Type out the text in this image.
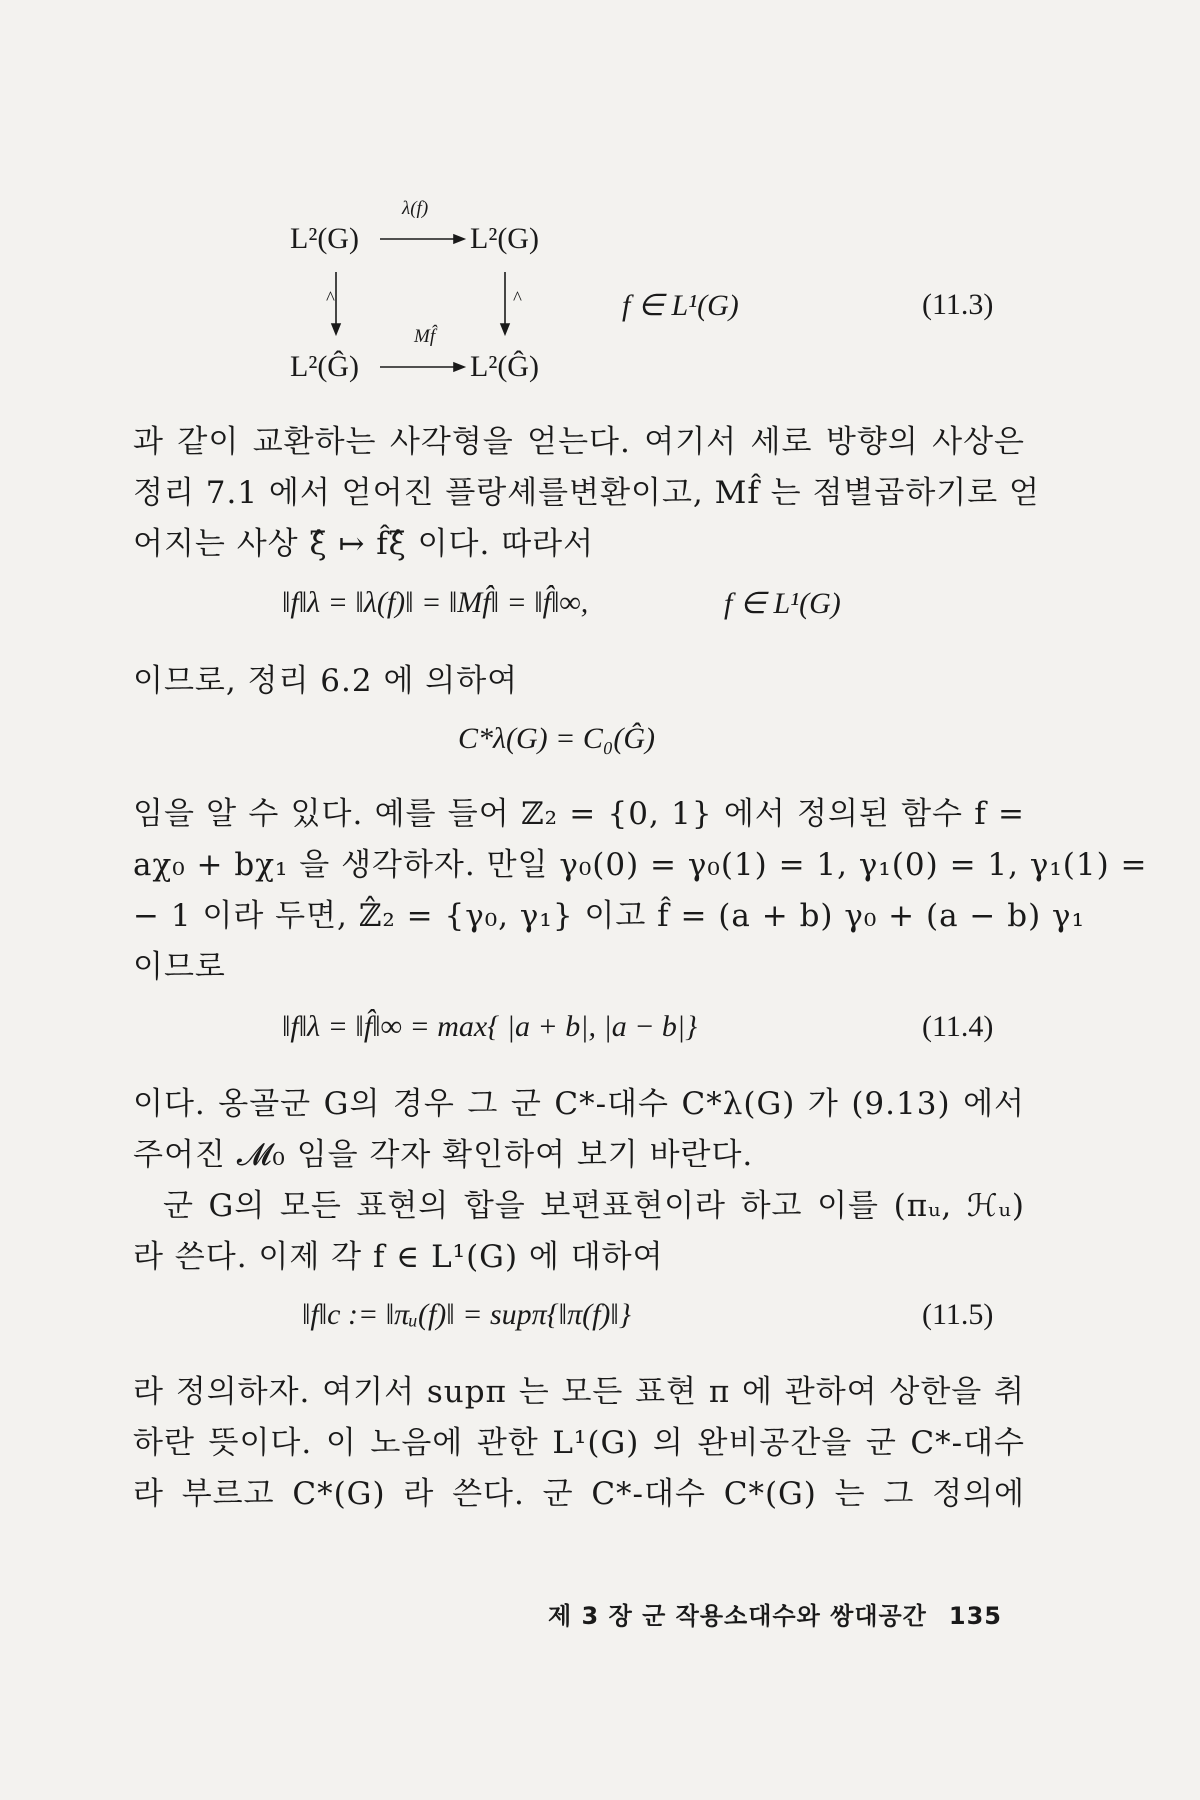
L²(G)	L²(G)
L²(Ĝ)	L²(Ĝ)
λ(f)
Mf̂
^	^	f ∈ L¹(G)	(11.3)
과 같이 교환하는 사각형을 얻는다. 여기서 세로 방향의 사상은
정리 7.1 에서 얻어진 플랑셰를변환이고, Mf̂ 는 점별곱하기로 얻
어지는 사상 ξ̂ ↦ f̂ξ̂ 이다. 따라서
‖f‖λ = ‖λ(f)‖ = ‖Mf̂‖ = ‖f̂‖∞,	f ∈ L¹(G)
이므로, 정리 6.2 에 의하여
C*λ(G) = C₀(Ĝ)
임을 알 수 있다. 예를 들어 ℤ₂ = {0, 1} 에서 정의된 함수 f =
aχ₀ + bχ₁ 을 생각하자. 만일 γ₀(0) = γ₀(1) = 1, γ₁(0) = 1, γ₁(1) =
− 1 이라 두면, ℤ̂₂ = {γ₀, γ₁} 이고 f̂ = (a + b) γ₀ + (a − b) γ₁
이므로
‖f‖λ = ‖f̂‖∞ = max{ |a + b|, |a − b|}	(11.4)
이다. 옹골군 G의 경우 그 군 C*-대수 C*λ(G) 가 (9.13) 에서
주어진 𝓜₀ 임을 각자 확인하여 보기 바란다.
군 G의 모든 표현의 합을 보편표현이라 하고 이를 (πᵤ, ℋᵤ)
라 쓴다. 이제 각 f ∈ L¹(G) 에 대하여
‖f‖c := ‖πᵤ(f)‖ = supπ{‖π(f)‖}	(11.5)
라 정의하자. 여기서 supπ 는 모든 표현 π 에 관하여 상한을 취
하란 뜻이다. 이 노음에 관한 L¹(G) 의 완비공간을 군 C*-대수
라 부르고 C*(G) 라 쓴다. 군 C*-대수 C*(G) 는 그 정의에
제 3 장 군 작용소대수와 쌍대공간 135
